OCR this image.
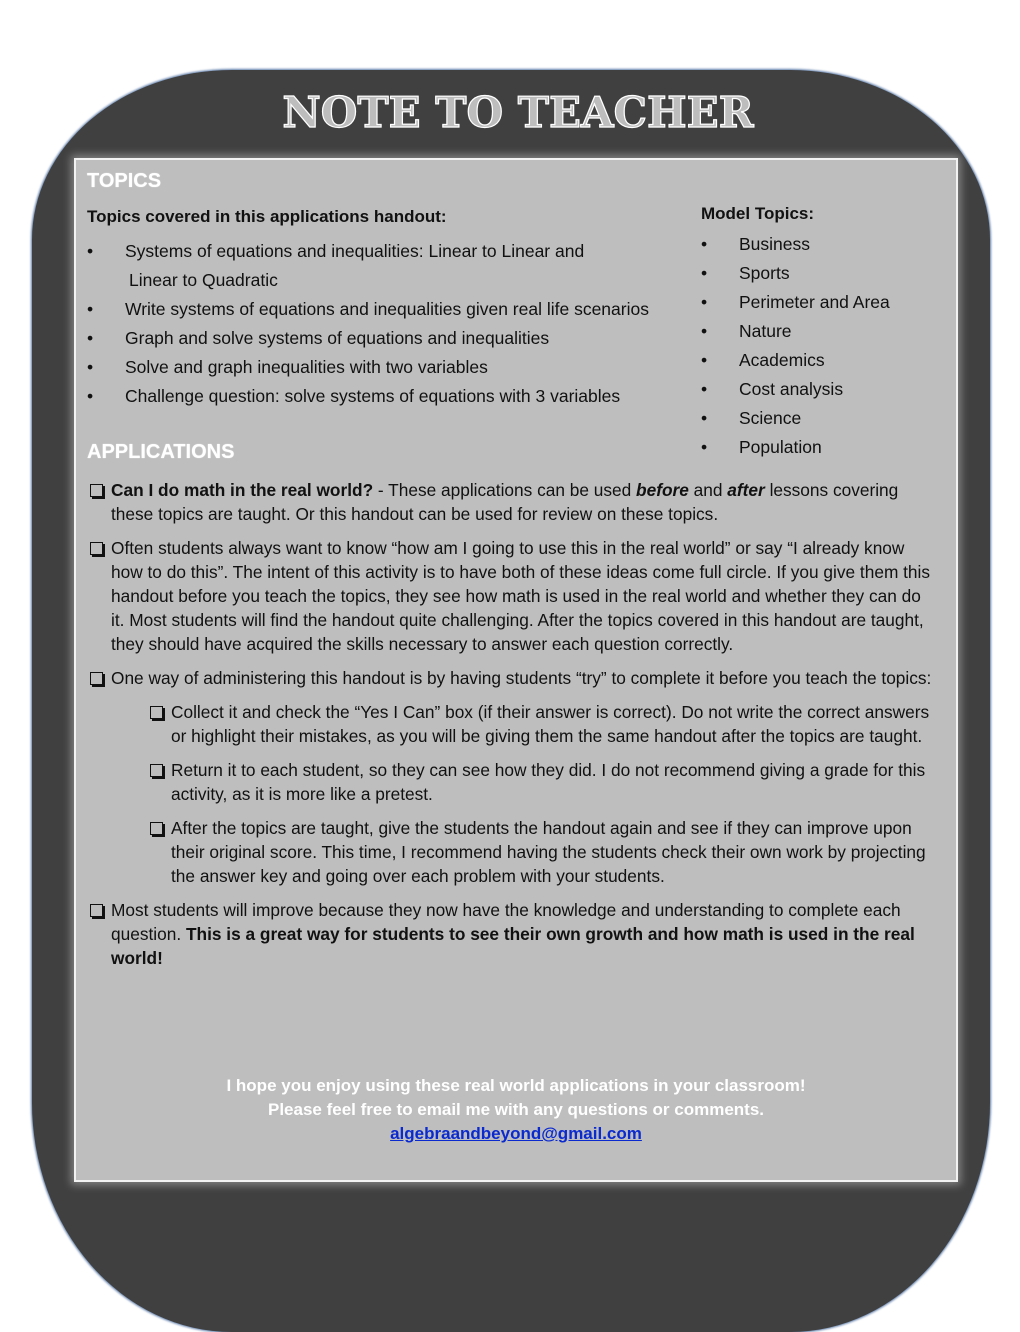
NOTE TO TEACHER
TOPICS
Topics covered in this applications handout:
• Systems of equations and inequalities: Linear to Linear and
Linear to Quadratic
• Write systems of equations and inequalities given real life scenarios
• Graph and solve systems of equations and inequalities
• Solve and graph inequalities with two variables
• Challenge question: solve systems of equations with 3 variables
Model Topics:
• Business
• Sports
• Perimeter and Area
• Nature
• Academics
• Cost analysis
• Science
• Population
APPLICATIONS
Can I do math in the real world? - These applications can be used before and after lessons covering these topics are taught. Or this handout can be used for review on these topics.
Often students always want to know “how am I going to use this in the real world” or say “I already know how to do this”. The intent of this activity is to have both of these ideas come full circle. If you give them this handout before you teach the topics, they see how math is used in the real world and whether they can do it. Most students will find the handout quite challenging. After the topics covered in this handout are taught, they should have acquired the skills necessary to answer each question correctly.
One way of administering this handout is by having students “try” to complete it before you teach the topics:
Collect it and check the “Yes I Can” box (if their answer is correct). Do not write the correct answers or highlight their mistakes, as you will be giving them the same handout after the topics are taught.
Return it to each student, so they can see how they did. I do not recommend giving a grade for this activity, as it is more like a pretest.
After the topics are taught, give the students the handout again and see if they can improve upon their original score. This time, I recommend having the students check their own work by projecting the answer key and going over each problem with your students.
Most students will improve because they now have the knowledge and understanding to complete each question. This is a great way for students to see their own growth and how math is used in the real world!
I hope you enjoy using these real world applications in your classroom!
Please feel free to email me with any questions or comments.
algebraandbeyond@gmail.com
